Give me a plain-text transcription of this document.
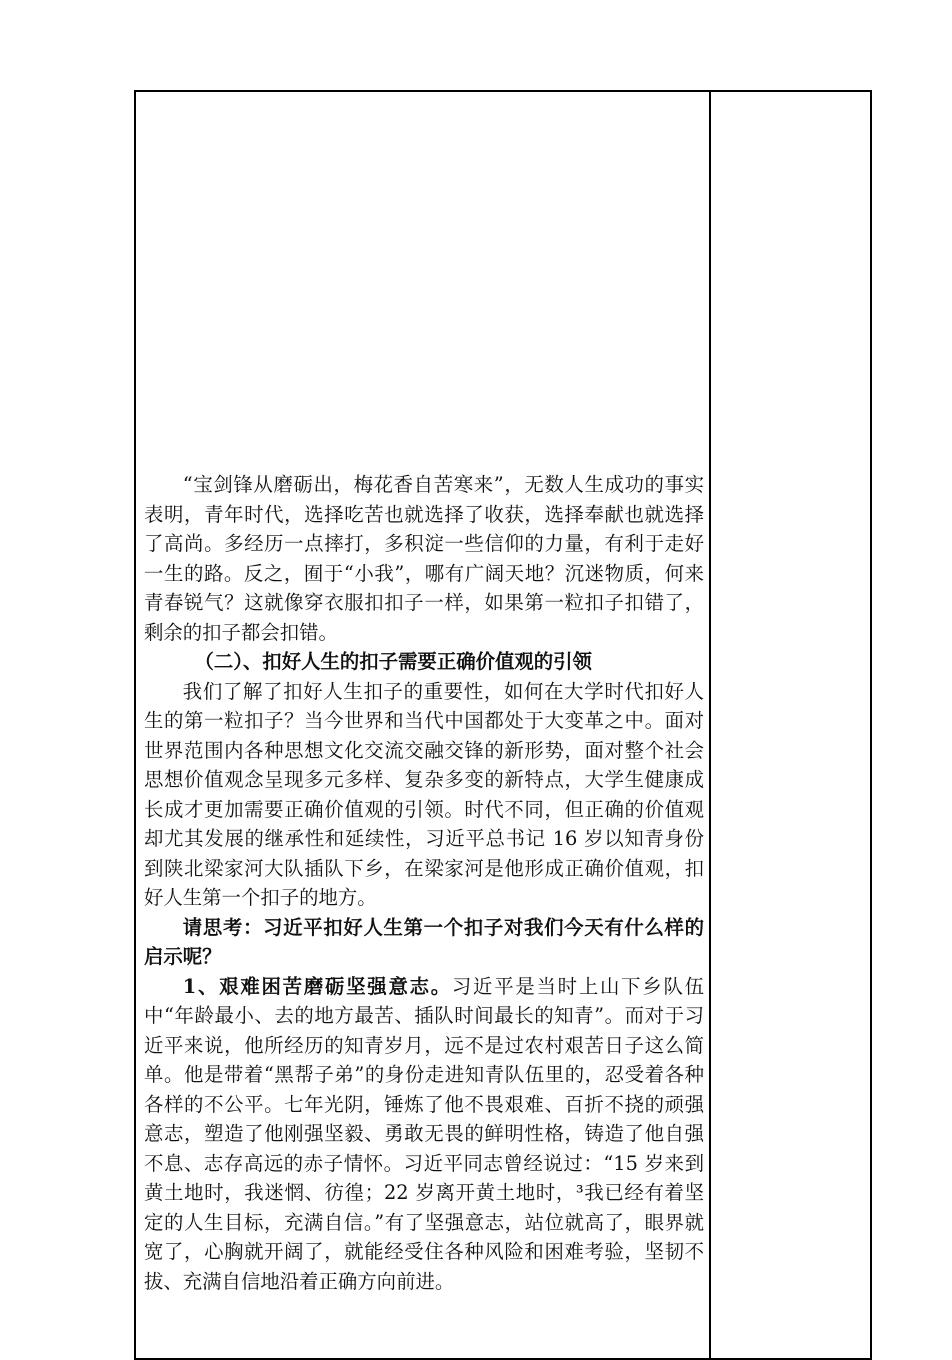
“宝剑锋从磨砺出，梅花香自苦寒来”，无数人生成功的事实表明，青年时代，选择吃苦也就选择了收获，选择奉献也就选择了高尚。多经历一点摔打，多积淀一些信仰的力量，有利于走好一生的路。反之，囿于“小我”，哪有广阔天地？沉迷物质，何来青春锐气？这就像穿衣服扣扣子一样，如果第一粒扣子扣错了，剩余的扣子都会扣错。

（二）、扣好人生的扣子需要正确价值观的引领

我们了解了扣好人生扣子的重要性，如何在大学时代扣好人生的第一粒扣子？当今世界和当代中国都处于大变革之中。面对世界范围内各种思想文化交流交融交锋的新形势，面对整个社会思想价值观念呈现多元多样、复杂多变的新特点，大学生健康成长成才更加需要正确价值观的引领。时代不同，但正确的价值观却尤其发展的继承性和延续性，习近平总书记 16 岁以知青身份到陕北梁家河大队插队下乡，在梁家河是他形成正确价值观，扣好人生第一个扣子的地方。

请思考：习近平扣好人生第一个扣子对我们今天有什么样的启示呢？

1、艰难困苦磨砺坚强意志。习近平是当时上山下乡队伍中“年龄最小、去的地方最苦、插队时间最长的知青”。而对于习近平来说，他所经历的知青岁月，远不是过农村艰苦日子这么简单。他是带着“黑帮子弟”的身份走进知青队伍里的，忍受着各种各样的不公平。七年光阴，锤炼了他不畏艰难、百折不挠的顽强意志，塑造了他刚强坚毅、勇敢无畏的鲜明性格，铸造了他自强不息、志存高远的赤子情怀。习近平同志曾经说过：“15 岁来到黄土地时，我迷惘、彷徨；22 岁离开黄土地时，³我已经有着坚定的人生目标，充满自信。”有了坚强意志，站位就高了，眼界就宽了，心胸就开阔了，就能经受住各种风险和困难考验，坚韧不拔、充满自信地沿着正确方向前进。
